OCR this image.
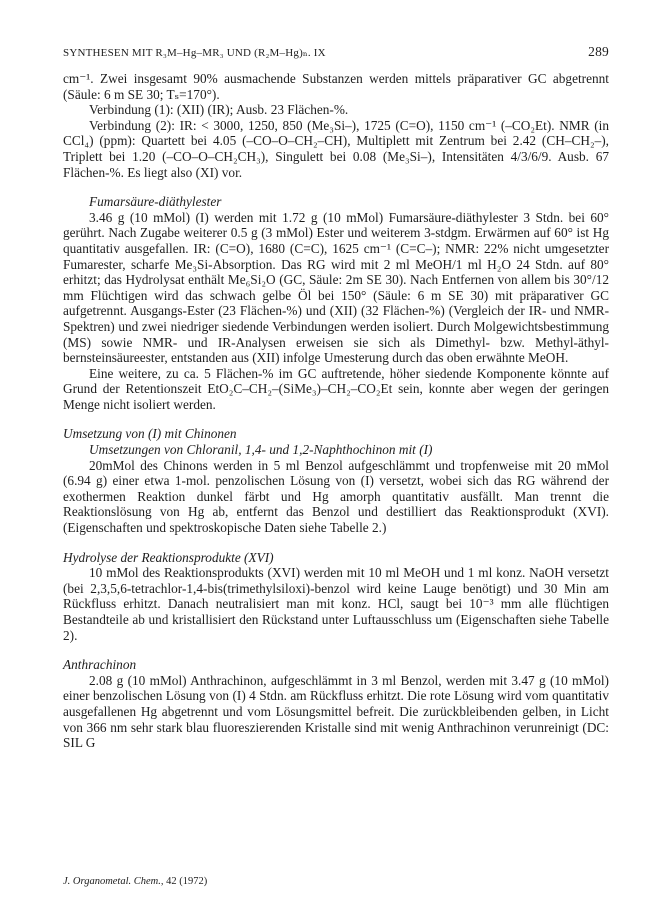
SYNTHESEN MIT R₃M–Hg–MR₃ UND (R₂M–Hg)ₙ. IX	289

cm⁻¹. Zwei insgesamt 90% ausmachende Substanzen werden mittels präparativer GC abgetrennt (Säule: 6 m SE 30; Tₛ=170°).

Verbindung (1): (XII) (IR); Ausb. 23 Flächen-%.

Verbindung (2): IR: < 3000, 1250, 850 (Me₃Si–), 1725 (C=O), 1150 cm⁻¹ (–CO₂Et). NMR (in CCl₄) (ppm): Quartett bei 4.05 (–CO–O–CH₂–CH), Multiplett mit Zentrum bei 2.42 (CH–CH₂–), Triplett bei 1.20 (–CO–O–CH₂CH₃), Singulett bei 0.08 (Me₃Si–), Intensitäten 4/3/6/9. Ausb. 67 Flächen-%. Es liegt also (XI) vor.

Fumarsäure-diäthylester

3.46 g (10 mMol) (I) werden mit 1.72 g (10 mMol) Fumarsäure-diäthylester 3 Stdn. bei 60° gerührt. Nach Zugabe weiterer 0.5 g (3 mMol) Ester und weiterem 3-stdgm. Erwärmen auf 60° ist Hg quantitativ ausgefallen. IR: (C=O), 1680 (C=C), 1625 cm⁻¹ (C=C–); NMR: 22% nicht umgesetzter Fumarester, scharfe Me₃Si-Absorption. Das RG wird mit 2 ml MeOH/1 ml H₂O 24 Stdn. auf 80° erhitzt; das Hydrolysat enthält Me₆Si₂O (GC, Säule: 2m SE 30). Nach Entfernen von allem bis 30°/12 mm Flüchtigen wird das schwach gelbe Öl bei 150° (Säule: 6 m SE 30) mit präparativer GC aufgetrennt. Ausgangs-Ester (23 Flächen-%) und (XII) (32 Flächen-%) (Vergleich der IR- und NMR-Spektren) und zwei niedriger siedende Verbindungen werden isoliert. Durch Molgewichtsbestimmung (MS) sowie NMR- und IR-Analysen erweisen sie sich als Dimethyl- bzw. Methyl-äthyl-bernsteinsäureester, entstanden aus (XII) infolge Umesterung durch das oben erwähnte MeOH.

Eine weitere, zu ca. 5 Flächen-% im GC auftretende, höher siedende Komponente könnte auf Grund der Retentionszeit EtO₂C–CH₂–(SiMe₃)–CH₂–CO₂Et sein, konnte aber wegen der geringen Menge nicht isoliert werden.

Umsetzung von (I) mit Chinonen

Umsetzungen von Chloranil, 1,4- und 1,2-Naphthochinon mit (I)

20mMol des Chinons werden in 5 ml Benzol aufgeschlämmt und tropfenweise mit 20 mMol (6.94 g) einer etwa 1-mol. penzolischen Lösung von (I) versetzt, wobei sich das RG während der exothermen Reaktion dunkel färbt und Hg amorph quantitativ ausfällt. Man trennt die Reaktionslösung von Hg ab, entfernt das Benzol und destilliert das Reaktionsprodukt (XVI). (Eigenschaften und spektroskopische Daten siehe Tabelle 2.)

Hydrolyse der Reaktionsprodukte (XVI)

10 mMol des Reaktionsprodukts (XVI) werden mit 10 ml MeOH und 1 ml konz. NaOH versetzt (bei 2,3,5,6-tetrachlor-1,4-bis(trimethylsiloxi)-benzol wird keine Lauge benötigt) und 30 Min am Rückfluss erhitzt. Danach neutralisiert man mit konz. HCl, saugt bei 10⁻³ mm alle flüchtigen Bestandteile ab und kristallisiert den Rückstand unter Luftausschluss um (Eigenschaften siehe Tabelle 2).

Anthrachinon

2.08 g (10 mMol) Anthrachinon, aufgeschlämmt in 3 ml Benzol, werden mit 3.47 g (10 mMol) einer benzolischen Lösung von (I) 4 Stdn. am Rückfluss erhitzt. Die rote Lösung wird vom quantitativ ausgefallenen Hg abgetrennt und vom Lösungsmittel befreit. Die zurückbleibenden gelben, in Licht von 366 nm sehr stark blau fluoreszierenden Kristalle sind mit wenig Anthrachinon verunreinigt (DC: SIL G

J. Organometal. Chem., 42 (1972)
